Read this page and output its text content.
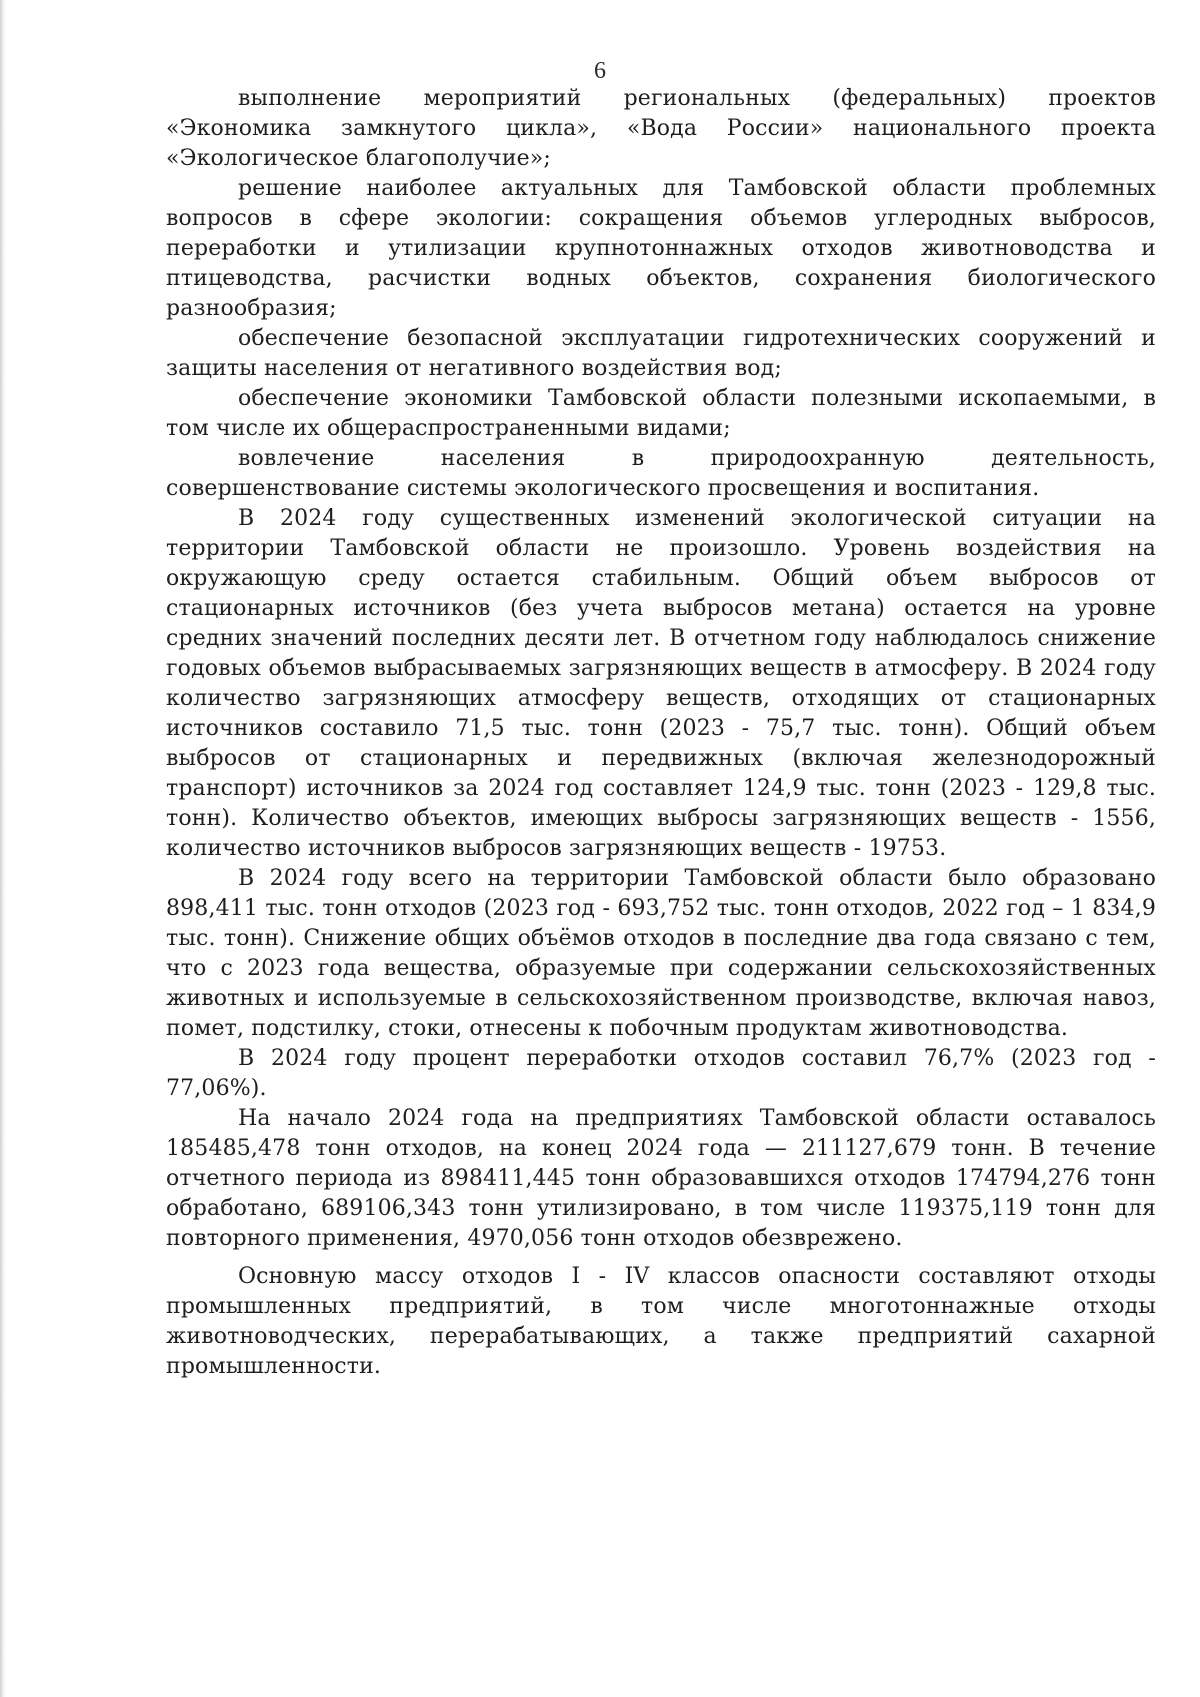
6

выполнение мероприятий региональных (федеральных) проектов «Экономика замкнутого цикла», «Вода России» национального проекта «Экологическое благополучие»;

решение наиболее актуальных для Тамбовской области проблемных вопросов в сфере экологии: сокращения объемов углеродных выбросов, переработки и утилизации крупнотоннажных отходов животноводства и птицеводства, расчистки водных объектов, сохранения биологического разнообразия;

обеспечение безопасной эксплуатации гидротехнических сооружений и защиты населения от негативного воздействия вод;

обеспечение экономики Тамбовской области полезными ископаемыми, в том числе их общераспространенными видами;

вовлечение населения в природоохранную деятельность, совершенствование системы экологического просвещения и воспитания.

В 2024 году существенных изменений экологической ситуации на территории Тамбовской области не произошло. Уровень воздействия на окружающую среду остается стабильным. Общий объем выбросов от стационарных источников (без учета выбросов метана) остается на уровне средних значений последних десяти лет. В отчетном году наблюдалось снижение годовых объемов выбрасываемых загрязняющих веществ в атмосферу. В 2024 году количество загрязняющих атмосферу веществ, отходящих от стационарных источников составило 71,5 тыс. тонн (2023 - 75,7 тыс. тонн). Общий объем выбросов от стационарных и передвижных (включая железнодорожный транспорт) источников за 2024 год составляет 124,9 тыс. тонн (2023 - 129,8 тыс. тонн). Количество объектов, имеющих выбросы загрязняющих веществ - 1556, количество источников выбросов загрязняющих веществ - 19753.

В 2024 году всего на территории Тамбовской области было образовано 898,411 тыс. тонн отходов (2023 год - 693,752 тыс. тонн отходов, 2022 год – 1 834,9 тыс. тонн). Снижение общих объёмов отходов в последние два года связано с тем, что с 2023 года вещества, образуемые при содержании сельскохозяйственных животных и используемые в сельскохозяйственном производстве, включая навоз, помет, подстилку, стоки, отнесены к побочным продуктам животноводства.

В 2024 году процент переработки отходов составил 76,7% (2023 год - 77,06%).

На начало 2024 года на предприятиях Тамбовской области оставалось 185485,478 тонн отходов, на конец 2024 года — 211127,679 тонн. В течение отчетного периода из 898411,445 тонн образовавшихся отходов 174794,276 тонн обработано, 689106,343 тонн утилизировано, в том числе 119375,119 тонн для повторного применения, 4970,056 тонн отходов обезврежено.

Основную массу отходов I - IV классов опасности составляют отходы промышленных предприятий, в том числе многотоннажные отходы животноводческих, перерабатывающих, а также предприятий сахарной промышленности.
